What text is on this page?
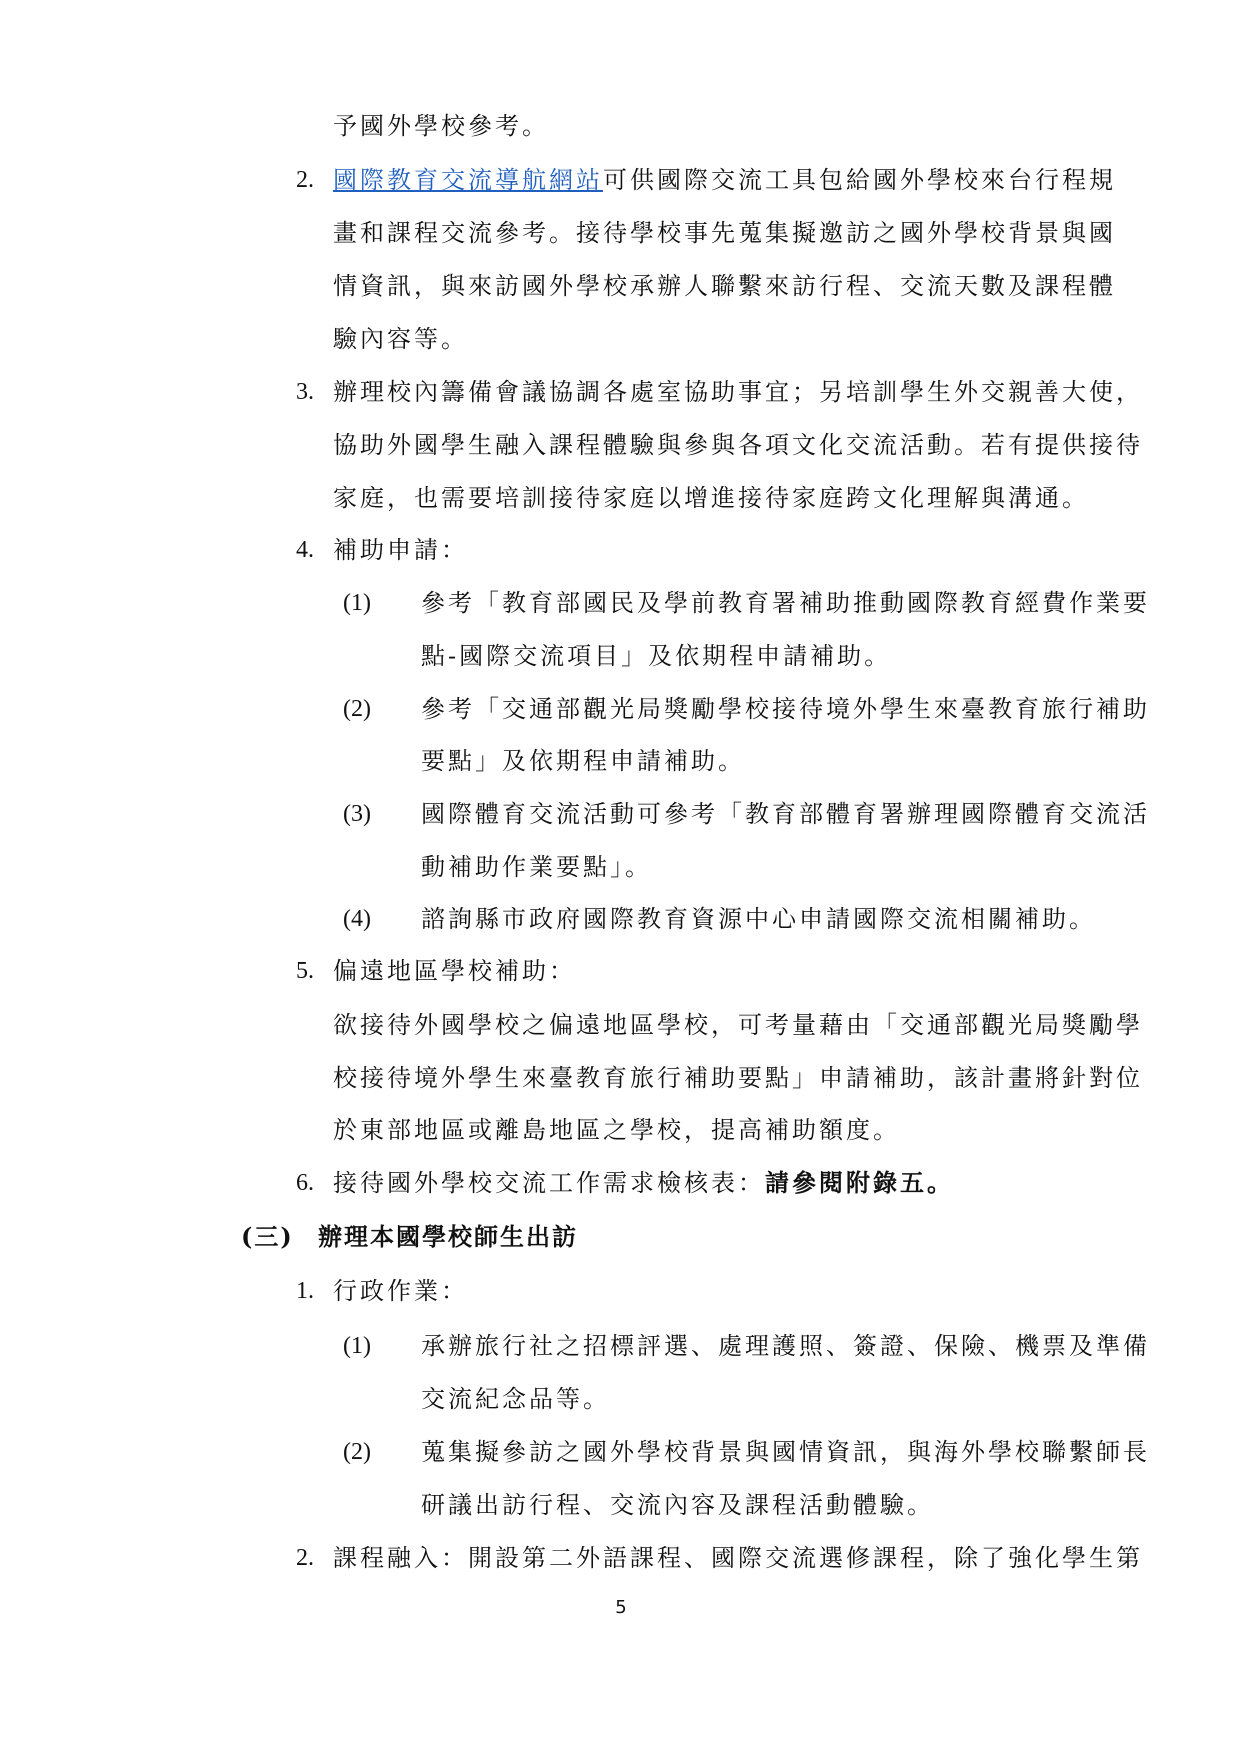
予國外學校參考。
2. 國際教育交流導航網站可供國際交流工具包給國外學校來台行程規
畫和課程交流參考。接待學校事先蒐集擬邀訪之國外學校背景與國
情資訊，與來訪國外學校承辦人聯繫來訪行程、交流天數及課程體
驗內容等。
3. 辦理校內籌備會議協調各處室協助事宜；另培訓學生外交親善大使，
協助外國學生融入課程體驗與參與各項文化交流活動。若有提供接待
家庭，也需要培訓接待家庭以增進接待家庭跨文化理解與溝通。
4. 補助申請：
(1) 參考「教育部國民及學前教育署補助推動國際教育經費作業要
點-國際交流項目」及依期程申請補助。
(2) 參考「交通部觀光局獎勵學校接待境外學生來臺教育旅行補助
要點」及依期程申請補助。
(3) 國際體育交流活動可參考「教育部體育署辦理國際體育交流活
動補助作業要點」。
(4) 諮詢縣市政府國際教育資源中心申請國際交流相關補助。
5. 偏遠地區學校補助：
欲接待外國學校之偏遠地區學校，可考量藉由「交通部觀光局獎勵學
校接待境外學生來臺教育旅行補助要點」申請補助，該計畫將針對位
於東部地區或離島地區之學校，提高補助額度。
6. 接待國外學校交流工作需求檢核表：請參閱附錄五。
(三) 辦理本國學校師生出訪
1. 行政作業：
(1) 承辦旅行社之招標評選、處理護照、簽證、保險、機票及準備
交流紀念品等。
(2) 蒐集擬參訪之國外學校背景與國情資訊，與海外學校聯繫師長
研議出訪行程、交流內容及課程活動體驗。
2. 課程融入：開設第二外語課程、國際交流選修課程，除了強化學生第
5
